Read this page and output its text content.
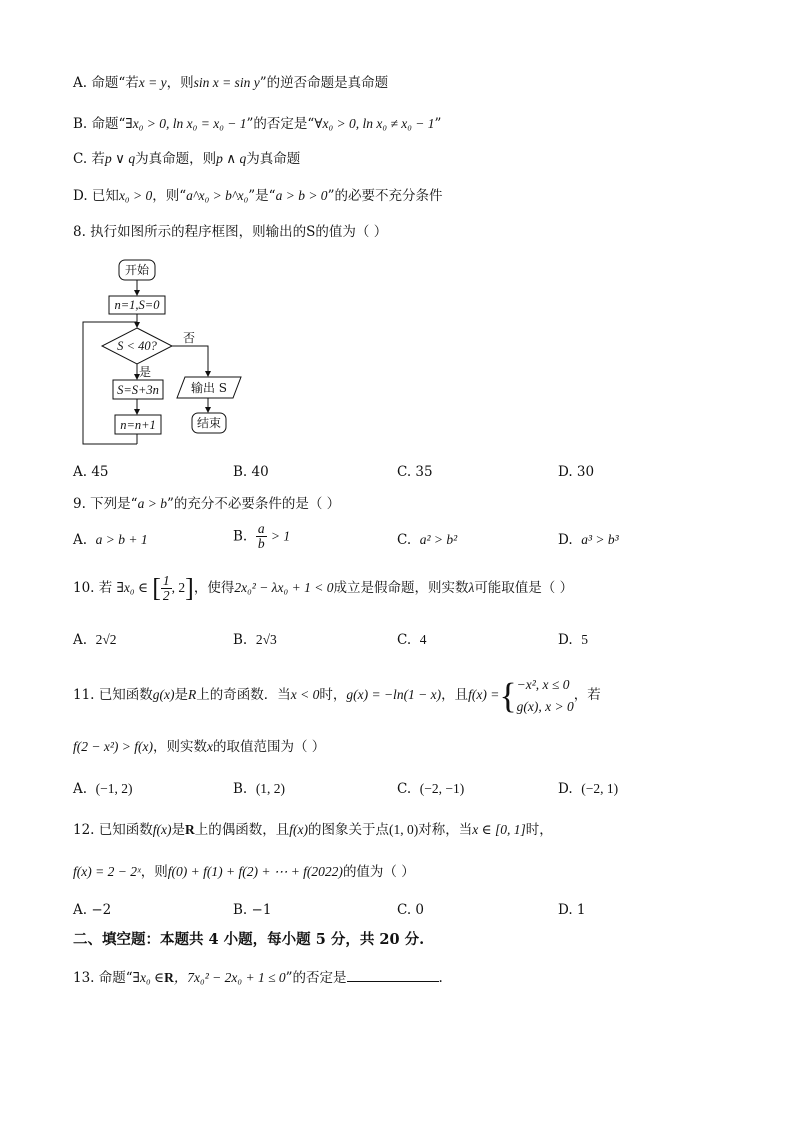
A. 命题“若x = y，则sin x = sin y”的逆否命题是真命题
B. 命题“∃x₀ > 0, ln x₀ = x₀ − 1”的否定是“∀x₀ > 0, ln x₀ ≠ x₀ − 1”
C. 若p ∨ q为真命题，则p ∧ q为真命题
D. 已知x₀ > 0，则“a^x₀ > b^x₀”是“a > b > 0”的必要不充分条件
8. 执行如图所示的程序框图，则输出的S的值为（ ）
开始
n=1,S=0
S < 40?
否
输出 S
结束
是
S=S+3n
n=n+1
A. 45	B. 40	C. 35	D. 30
9. 下列是“a > b”的充分不必要条件的是（ ）
A. a > b + 1	B. $\frac{a}{b} > 1$	C. a² > b²	D. a³ > b³
10. 若 ∃x₀ ∈ [ $\frac{1}{2}$ , 2]，使得2x₀² − λx₀ + 1 < 0成立是假命题，则实数λ可能取值是（ ）
A. 2√2	B. 2√3	C. 4	D. 5
11. 已知函数g(x)是R上的奇函数．当x < 0时，g(x) = −ln(1 − x)，且f(x) ={ −x², x ≤ 0
g(x), x > 0
，若
f(2 − x²) > f(x)，则实数x的取值范围为（ ）
A. (−1, 2)	B. (1, 2)	C. (−2, −1)	D. (−2, 1)
12. 已知函数f(x)是R上的偶函数，且f(x)的图象关于点(1, 0)对称，当x ∈ [0, 1]时，
f(x) = 2 − 2ˣ，则f(0) + f(1) + f(2) + ⋯ + f(2022)的值为（ ）
A. −2	B. −1	C. 0	D. 1
二、填空题：本题共 4 小题，每小题 5 分，共 20 分.
13. 命题“∃x₀ ∈R，7x₀² − 2x₀ + 1 ≤ 0”的否定是	.
